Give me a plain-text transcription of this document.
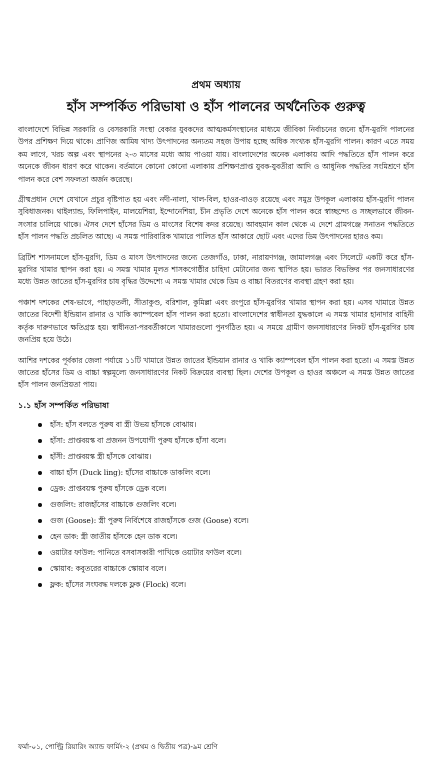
প্রথম অধ্যায়
হাঁস সম্পর্কিত পরিভাষা ও হাঁস পালনের অর্থনৈতিক গুরুত্ব

বাংলাদেশে বিভিন্ন সরকারি ও বেসরকারি সংস্থা বেকার যুবকদের আত্মকর্মসংস্থানের মাধ্যমে জীবিকা নির্বাচনের জন্যে হাঁস-মুরগি পালনের উপর প্রশিক্ষণ দিয়ে থাকে। প্রাণিজ আমিষ খাদ্য উৎপাদনের অন্যতম সহজ উপায় হচ্ছে অধিক সংখ্যক হাঁস-মুরগি পালন। কারণ এতে সময় কম লাগে, খরচ অল্প এবং স্থাপনের ২-৩ মাসের মধ্যে আয় পাওয়া যায়। বাংলাদেশের অনেক এলাকায় আদি পদ্ধতিতে হাঁস পালন করে অনেকে জীবন ধারণ করে থাকেন। বর্তমানে কোনো কোনো এলাকায় প্রশিক্ষণপ্রাপ্ত যুবক-যুবতীরা আদি ও আধুনিক পদ্ধতির সংমিশ্রণে হাঁস পালন করে বেশ সফলতা অর্জন করেছে।

গ্রীষ্মপ্রধান দেশে যেখানে প্রচুর বৃষ্টিপাত হয় এবং নদী-নালা, খাল-বিল, হাওর-বাওড় রয়েছে এবং সমুদ্র উপকূল এলাকায় হাঁস-মুরগি পালন সুবিধাজনক। থাইল্যান্ড, ফিলিপাইন, মালয়েশিয়া, ইন্দোনেশিয়া, চীন প্রভৃতি দেশে অনেকে হাঁস পালন করে স্বাচ্ছন্দ্যে ও সচ্ছলভাবে জীবন-সংসার চালিয়ে থাকে। ঐসব দেশে হাঁসের ডিম ও মাংসের বিশেষ কদর রয়েছে। আবহমান কাল থেকে এ দেশে গ্রামগঞ্জে সনাতন পদ্ধতিতে হাঁস পালন পদ্ধতি প্রচলিত আছে। এ সমস্ত পারিবারিক খামারে পালিত হাঁস আকারে ছোট এবং এদের ডিম উৎপাদনের হারও কম।

ব্রিটিশ শাসনামলে হাঁস-মুরগি, ডিম ও মাংস উৎপাদনের জন্যে তেজগাঁও, ঢাকা, নারায়ণগঞ্জ, জামালগঞ্জ এবং সিলেটে একটি করে হাঁস-মুরগির খামার স্থাপন করা হয়। এ সমস্ত খামার মূলত শাসকগোষ্ঠীর চাহিদা মেটানোর জন্য স্থাপিত হয়। ভারত বিভক্তির পর জনসাধারণের মধ্যে উন্নত জাতের হাঁস-মুরগির চাষ বৃদ্ধির উদ্দেশ্যে এ সমস্ত খামার থেকে ডিম ও বাচ্চা বিতরণের ব্যবস্থা গ্রহণ করা হয়।

পঞ্চাশ দশকের শেষ-ভাগে, পাহাড়তলী, সীতাকুণ্ড, বরিশাল, কুমিল্লা এবং রংপুরে হাঁস-মুরগির খামার স্থাপন করা হয়। এসব খামারে উন্নত জাতের বিদেশী ইন্ডিয়ান রানার ও খাকি ক্যাম্পবেল হাঁস পালন করা হতো। বাংলাদেশের স্বাধীনতা যুদ্ধকালে এ সমস্ত খামার হানাদার বাহিনী কর্তৃক দারুণভাবে ক্ষতিগ্রস্ত হয়। স্বাধীনতা-পরবর্তীকালে খামারগুলো পুনর্গঠিত হয়। এ সময়ে গ্রামীণ জনসাধারণের নিকট হাঁস-মুরগির চাষ জনপ্রিয় হয়ে উঠে।

আশির দশকের পূর্বকার জেলা পর্যায়ে ১১টি খামারে উন্নত জাতের ইন্ডিয়ান রানার ও খাকি ক্যাম্পবেল হাঁস পালন করা হতো। এ সমস্ত উন্নত জাতের হাঁসের ডিম ও বাচ্চা স্বল্পমূল্যে জনসাধারণের নিকট বিক্রয়ের ব্যবস্থা ছিল। দেশের উপকূল ও হাওর অঞ্চলে এ সমস্ত উন্নত জাতের হাঁস পালন জনপ্রিয়তা পায়।

১.১ হাঁস সম্পর্কিত পরিভাষা
হাঁস: হাঁস বলতে পুরুষ বা স্ত্রী উভয় হাঁসকে বোঝায়।
হাঁসা: প্রাপ্তবয়স্ক বা প্রজনন উপযোগী পুরুষ হাঁসকে হাঁসা বলে।
হাঁসী: প্রাপ্তবয়স্ক স্ত্রী হাঁসকে বোঝায়।
বাচ্চা হাঁস (Duck ling): হাঁসের বাচ্চাকে ডাকলিং বলে।
ড্রেক: প্রাপ্তবয়স্ক পুরুষ হাঁসকে ড্রেক বলে।
গুজলিং: রাজহাঁসের বাচ্চাকে গুজলিং বলে।
গুজ (Goose): স্ত্রী পুরুষ নির্বিশেষে রাজহাঁসকে গুজ (Goose) বলে।
হেন ডাক: স্ত্রী জাতীয় হাঁসকে হেন ডাক বলে।
ওয়াটার ফাউল: পানিতে বসবাসকারী পাখিকে ওয়াটার ফাউল বলে।
স্কোয়াব: কবুতরের বাচ্চাকে স্কোয়াব বলে।
ফ্লক: হাঁসের সংঘবদ্ধ দলকে ফ্লক (Flock) বলে।
ফর্মা-০১, পোল্ট্রি রিয়ারিং অ্যান্ড ফার্মিং-২ (প্রথম ও দ্বিতীয় পত্র)-৯ম শ্রেণি
